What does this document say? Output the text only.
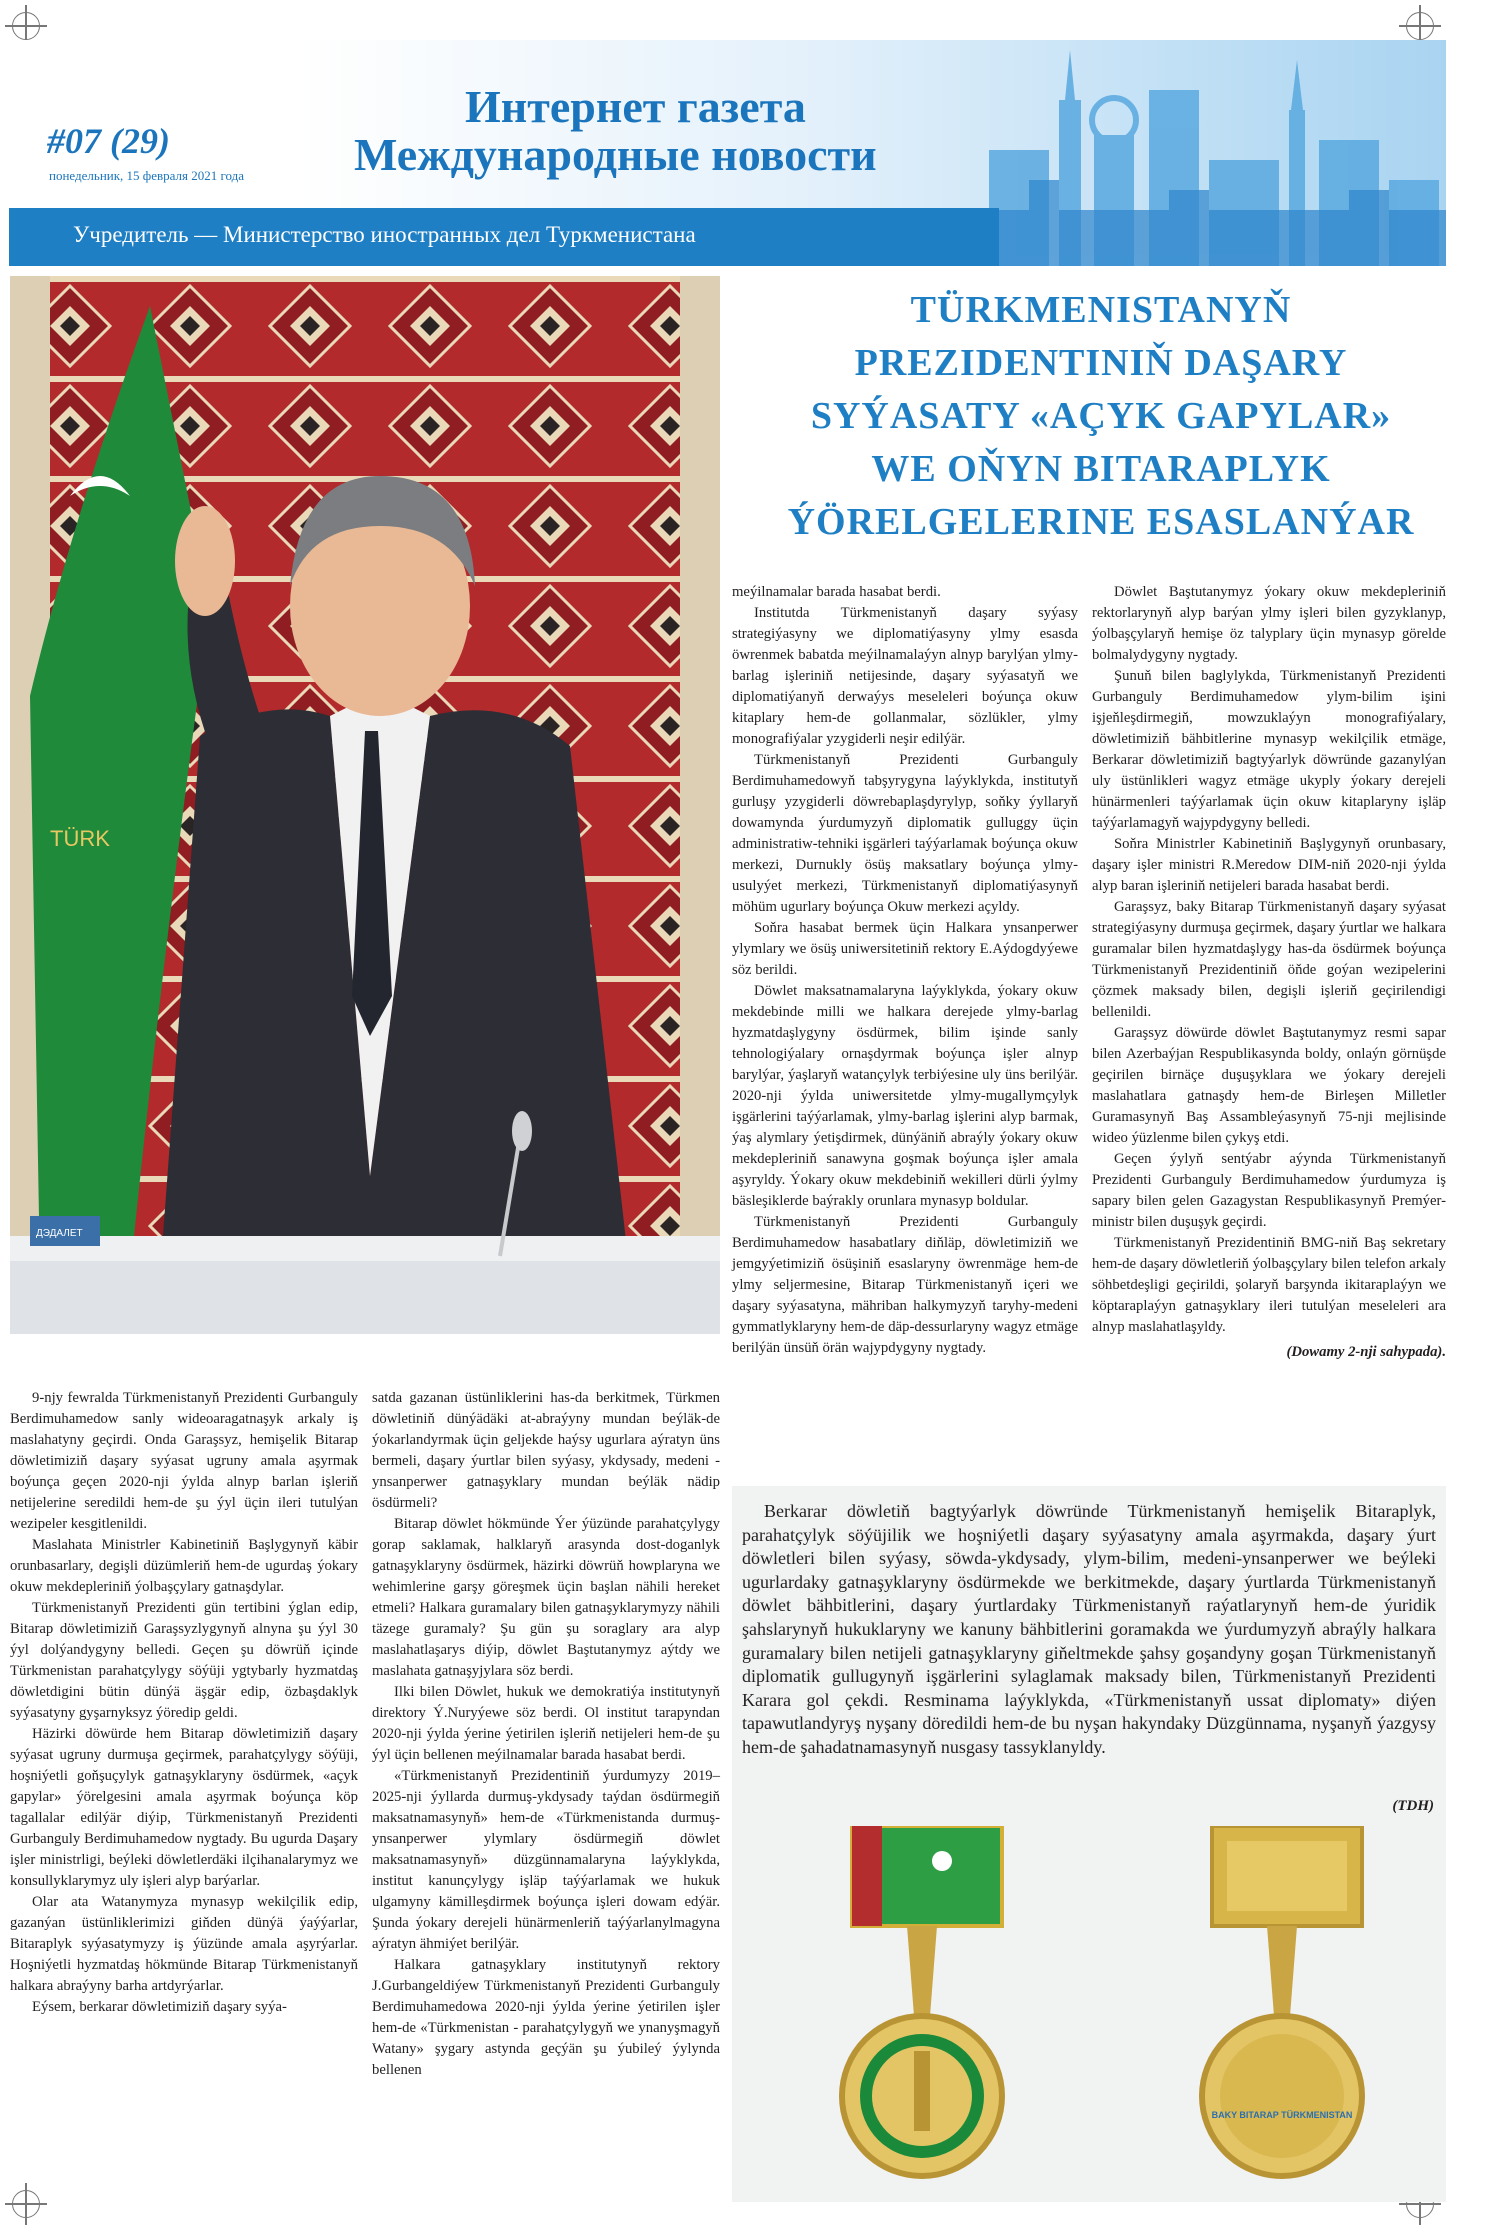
#07 (29)
понедельник, 15 февраля 2021 года
Интернет газета
Международные новости
Учредитель — Министерство иностранных дел Туркменистана
TÜRK
ДЭДАЛЕТ
TÜRKMENISTANYŇ
PREZIDENTINIŇ DAŞARY
SYÝASATY «AÇYK GAPYLAR»
WE OŇYN BITARAPLYK
ÝÖRELGELERINE ESASLANÝAR

9-njy fewralda Türkmenistanyň Prezidenti Gurbanguly Berdimuhamedow sanly wideoaragatnaşyk arkaly iş maslahatyny geçirdi. Onda Garaşsyz, hemişelik Bitarap döwletimiziň daşary syýasat ugruny amala aşyrmak boýunça geçen 2020-nji ýylda alnyp barlan işleriň netijelerine seredildi hem-de şu ýyl üçin ileri tutulýan wezipeler kesgitlenildi.

Maslahata Ministrler Kabinetiniň Başlygynyň käbir orunbasarlary, degişli düzümleriň hem-de ugurdaş ýokary okuw mekdepleriniň ýolbaşçylary gatnaşdylar.

Türkmenistanyň Prezidenti gün tertibini ýglan edip, Bitarap döwletimiziň Garaşsyzlygynyň alnyna şu ýyl 30 ýyl dolýandygyny belledi. Geçen şu döwrüň içinde Türkmenistan parahatçylygy söýüji ygtybarly hyzmatdaş döwletdigini bütin dünýä äşgär edip, özbaşdaklyk syýasatyny gyşarnyksyz ýöredip geldi.

Häzirki döwürde hem Bitarap döwletimiziň daşary syýasat ugruny durmuşa geçirmek, parahatçylygy söýüji, hoşniýetli goňşuçylyk gatnaşyklaryny ösdürmek, «açyk gapylar» ýörelgesini amala aşyrmak boýunça köp tagallalar edilýär diýip, Türkmenistanyň Prezidenti Gurbanguly Berdimuhamedow nygtady. Bu ugurda Daşary işler ministrligi, beýleki döwletlerdäki ilçihanalarymyz we konsullyklarymyz uly işleri alyp barýarlar.

Olar ata Watanymyza mynasyp wekilçilik edip, gazanýan üstünliklerimizi giňden dünýä ýaýýarlar, Bitaraplyk syýasatymyzy iş ýüzünde amala aşyrýarlar. Hoşniýetli hyzmatdaş hökmünde Bitarap Türkmenistanyň halkara abraýyny barha artdyrýarlar.

Eýsem, berkarar döwletimiziň daşary syýa-

satda gazanan üstünliklerini has-da berkitmek, Türkmen döwletiniň dünýädäki at-abraýyny mundan beýläk-de ýokarlandyrmak üçin geljekde haýsy ugurlara aýratyn üns bermeli, daşary ýurtlar bilen syýasy, ykdysady, medeni - ynsanperwer gatnaşyklary mundan beýläk nädip ösdürmeli?

Bitarap döwlet hökmünde Ýer ýüzünde parahatçylygy gorap saklamak, halklaryň arasynda dost-doganlyk gatnaşyklaryny ösdürmek, häzirki döwrüň howplaryna we wehimlerine garşy göreşmek üçin başlan nähili hereket etmeli? Halkara guramalary bilen gatnaşyklarymyzy nähili täzege guramaly? Şu gün şu soraglary ara alyp maslahatlaşarys diýip, döwlet Baştutanymyz aýtdy we maslahata gatnaşyjylara söz berdi.

Ilki bilen Döwlet, hukuk we demokratiýa institutynyň direktory Ý.Nuryýewe söz berdi. Ol institut tarapyndan 2020-nji ýylda ýerine ýetirilen işleriň netijeleri hem-de şu ýyl üçin bellenen meýilnamalar barada hasabat berdi.

«Türkmenistanyň Prezidentiniň ýurdumyzy 2019–2025-nji ýyllarda durmuş-ykdysady taýdan ösdürmegiň maksatnamasynyň» hem-de «Türkmenistanda durmuş-ynsanperwer ylymlary ösdürmegiň döwlet maksatnamasynyň» düzgünnamalaryna laýyklykda, institut kanunçylygy işläp taýýarlamak we hukuk ulgamyny kämilleşdirmek boýunça işleri dowam edýär. Şunda ýokary derejeli hünärmenleriň taýýarlanylmagyna aýratyn ähmiýet berilýär.

Halkara gatnaşyklary institutynyň rektory J.Gurbangeldiýew Türkmenistanyň Prezidenti Gurbanguly Berdimuhamedowa 2020-nji ýylda ýerine ýetirilen işler hem-de «Türkmenistan - parahatçylygyň we ynanyşmagyň Watany» şygary astynda geçýän şu ýubileý ýylynda bellenen

meýilnamalar barada hasabat berdi.

Institutda Türkmenistanyň daşary syýasy strategiýasyny we diplomatiýasyny ylmy esasda öwrenmek babatda meýilnamalaýyn alnyp barylýan ylmy-barlag işleriniň netijesinde, daşary syýasatyň we diplomatiýanyň derwaýys meseleleri boýunça okuw kitaplary hem-de gollanmalar, sözlükler, ylmy monografiýalar yzygiderli neşir edilýär.

Türkmenistanyň Prezidenti Gurbanguly Berdimuhamedowyň tabşyrygyna laýyklykda, institutyň gurluşy yzygiderli döwrebaplaşdyrylyp, soňky ýyllaryň dowamynda ýurdumyzyň diplomatik gulluggy üçin administratiw-tehniki işgärleri taýýarlamak boýunça okuw merkezi, Durnukly ösüş maksatlary boýunça ylmy-usulyýet merkezi, Türkmenistanyň diplomatiýasynyň möhüm ugurlary boýunça Okuw merkezi açyldy.

Soňra hasabat bermek üçin Halkara ynsanperwer ylymlary we ösüş uniwersitetiniň rektory E.Aýdogdyýewe söz berildi.

Döwlet maksatnamalaryna laýyklykda, ýokary okuw mekdebinde milli we halkara derejede ylmy-barlag hyzmatdaşlygyny ösdürmek, bilim işinde sanly tehnologiýalary ornaşdyrmak boýunça işler alnyp barylýar, ýaşlaryň watançylyk terbiýesine uly üns berilýär. 2020-nji ýylda uniwersitetde ylmy-mugallymçylyk işgärlerini taýýarlamak, ylmy-barlag işlerini alyp barmak, ýaş alymlary ýetişdirmek, dünýäniň abraýly ýokary okuw mekdepleriniň sanawyna goşmak boýunça işler amala aşyryldy. Ýokary okuw mekdebiniň wekilleri dürli ýylmy bäsleşiklerde baýrakly orunlara mynasyp boldular.

Türkmenistanyň Prezidenti Gurbanguly Berdimuhamedow hasabatlary diňläp, döwletimiziň we jemgyýetimiziň ösüşiniň esaslaryny öwrenmäge hem-de ylmy seljermesine, Bitarap Türkmenistanyň içeri we daşary syýasatyna, mähriban halkymyzyň taryhy-medeni gymmatlyklaryny hem-de däp-dessurlaryny wagyz etmäge berilýän ünsüň örän wajypdygyny nygtady.

Döwlet Baştutanymyz ýokary okuw mekdepleriniň rektorlarynyň alyp barýan ylmy işleri bilen gyzyklanyp, ýolbaşçylaryň hemişe öz talyplary üçin mynasyp görelde bolmalydygyny nygtady.

Şunuň bilen baglylykda, Türkmenistanyň Prezidenti Gurbanguly Berdimuhamedow ylym-bilim işini işjeňleşdirmegiň, mowzuklaýyn monografiýalary, döwletimiziň bähbitlerine mynasyp wekilçilik etmäge, Berkarar döwletimiziň bagtyýarlyk döwründe gazanylýan uly üstünlikleri wagyz etmäge ukyply ýokary derejeli hünärmenleri taýýarlamak üçin okuw kitaplaryny işläp taýýarlamagyň wajypdygyny belledi.

Soňra Ministrler Kabinetiniň Başlygynyň orunbasary, daşary işler ministri R.Meredow DIM-niň 2020-nji ýylda alyp baran işleriniň netijeleri barada hasabat berdi.

Garaşsyz, baky Bitarap Türkmenistanyň daşary syýasat strategiýasyny durmuşa geçirmek, daşary ýurtlar we halkara guramalar bilen hyzmatdaşlygy has-da ösdürmek boýunça Türkmenistanyň Prezidentiniň öňde goýan wezipelerini çözmek maksady bilen, degişli işleriň geçirilendigi bellenildi.

Garaşsyz döwürde döwlet Baştutanymyz resmi sapar bilen Azerbaýjan Respublikasynda boldy, onlaýn görnüşde geçirilen birnäçe duşuşyklara we ýokary derejeli maslahatlara gatnaşdy hem-de Birleşen Milletler Guramasynyň Baş Assambleýasynyň 75-nji mejlisinde wideo ýüzlenme bilen çykyş etdi.

Geçen ýylyň sentýabr aýynda Türkmenistanyň Prezidenti Gurbanguly Berdimuhamedow ýurdumyza iş sapary bilen gelen Gazagystan Respublikasynyň Premýer-ministr bilen duşuşyk geçirdi.

Türkmenistanyň Prezidentiniň BMG-niň Baş sekretary hem-de daşary döwletleriň ýolbaşçylary bilen telefon arkaly söhbetdeşligi geçirildi, şolaryň barşynda ikitaraplaýyn we köptaraplaýyn gatnaşyklary ileri tutulýan meseleleri ara alnyp maslahatlaşyldy.

(Dowamy 2-nji sahypada).

Berkarar döwletiň bagtyýarlyk döwründe Türkmenistanyň hemişelik Bitaraplyk, parahatçylyk söýüjilik we hoşniýetli daşary syýasatyny amala aşyrmakda, daşary ýurt döwletleri bilen syýasy, söwda-ykdysady, ylym-bilim, medeni-ynsanperwer we beýleki ugurlardaky gatnaşyklaryny ösdürmekde we berkitmekde, daşary ýurtlarda Türkmenistanyň döwlet bähbitlerini, daşary ýurtlardaky Türkmenistanyň raýatlarynyň hem-de ýuridik şahslarynyň hukuklaryny we kanuny bähbitlerini goramakda we ýurdumyzyň abraýly halkara guramalary bilen netijeli gatnaşyklaryny giňeltmekde şahsy goşandyny goşan Türkmenistanyň diplomatik gullugynyň işgärlerini sylaglamak maksady bilen, Türkmenistanyň Prezidenti Karara gol çekdi. Resminama laýyklykda, «Türkmenistanyň ussat diplomaty» diýen tapawutlandyryş nyşany döredildi hem-de bu nyşan hakyndaky Düzgünnama, nyşanyň ýazgysy hem-de şahadatnamasynyň nusgasy tassyklanyldy.

(TDH)
BAKY BITARAP TÜRKMENISTAN
